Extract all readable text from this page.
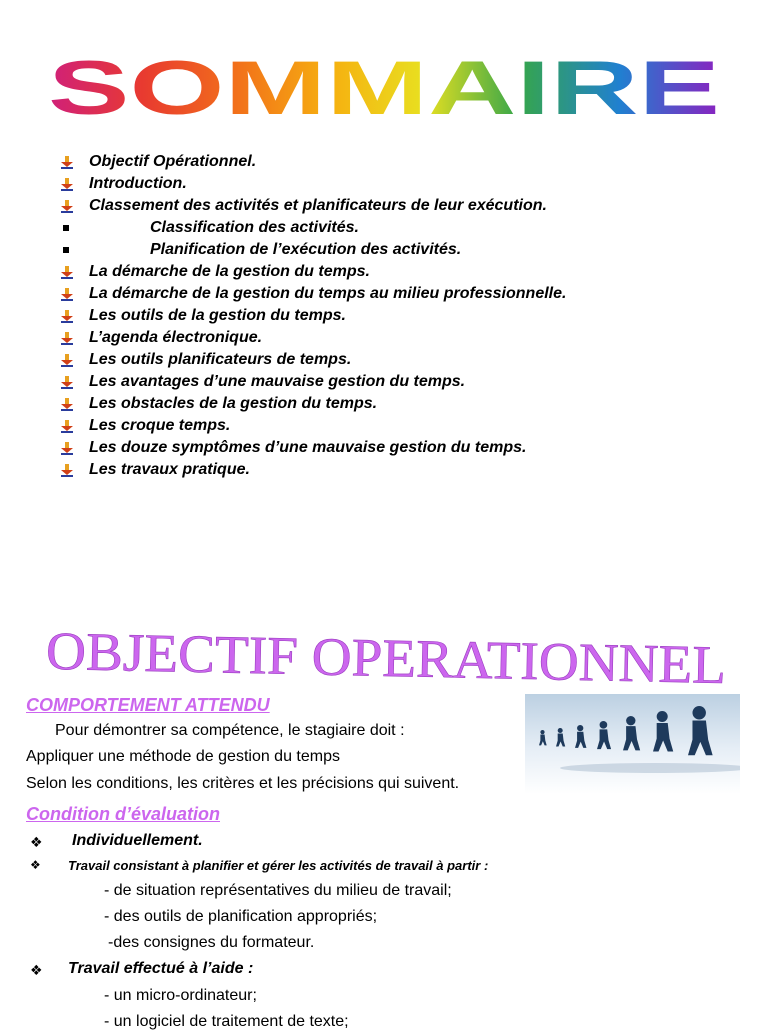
SOMMAIRE
Objectif Opérationnel.
Introduction.
Classement des activités et planificateurs de leur exécution.
Classification des activités.
Planification de l’exécution des activités.
La démarche de la gestion du temps.
La démarche de la gestion du temps au milieu professionnelle.
Les outils de la gestion du temps.
L’agenda électronique.
Les outils planificateurs de temps.
Les avantages d’une mauvaise gestion du temps.
Les obstacles de la gestion du temps.
Les croque temps.
Les douze symptômes d’une mauvaise gestion du temps.
Les travaux pratique.
OBJECTIF OPERATIONNEL
COMPORTEMENT ATTENDU
Pour démontrer sa compétence, le stagiaire doit :
Appliquer une méthode de gestion du temps
Selon les conditions, les critères et les précisions qui suivent.
Condition d’évaluation
❖ Individuellement.
❖ Travail consistant à planifier et gérer les activités de travail à partir :
- de situation représentatives du milieu de travail;
- des outils de planification appropriés;
-des consignes du formateur.
❖ Travail effectué à l’aide :
- un micro-ordinateur;
- un logiciel de traitement de texte;
